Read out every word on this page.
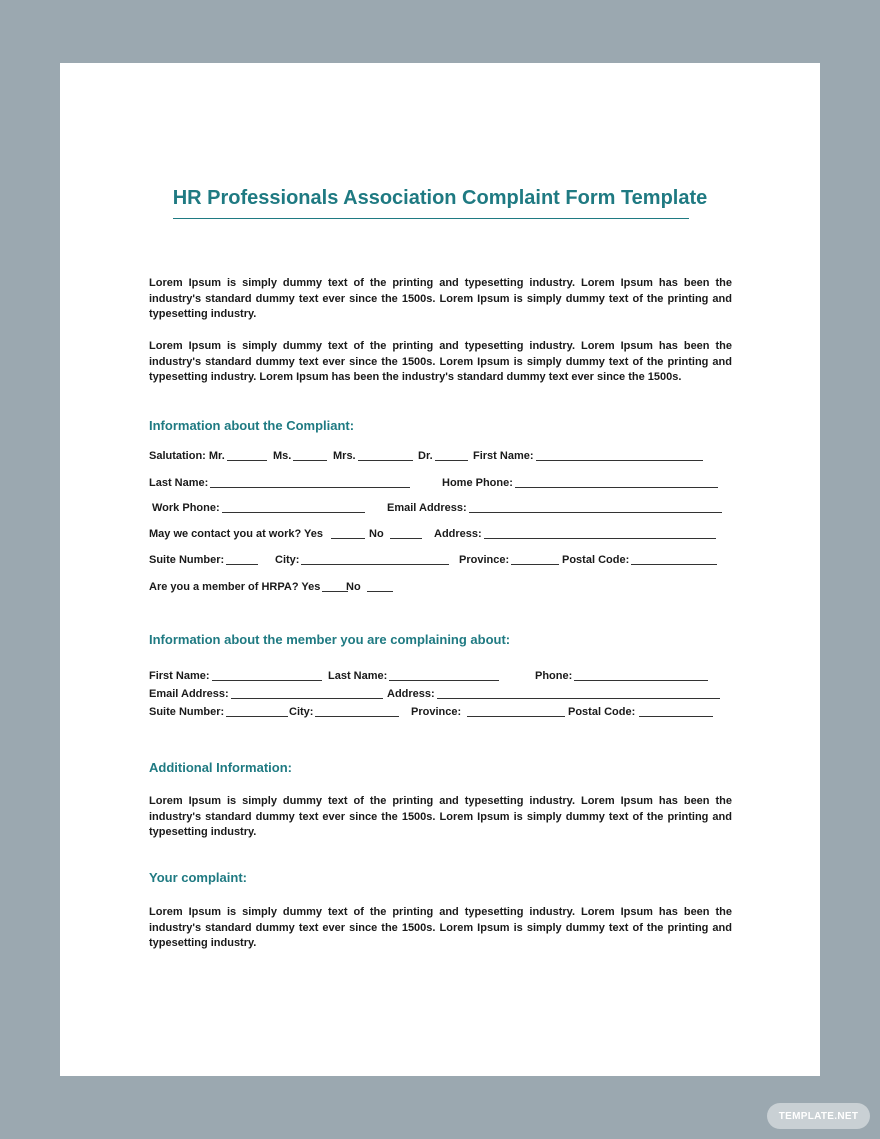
HR Professionals Association Complaint Form Template
Lorem Ipsum is simply dummy text of the printing and typesetting industry. Lorem Ipsum has been the industry's standard dummy text ever since the 1500s. Lorem Ipsum is simply dummy text of the printing and typesetting industry.
Lorem Ipsum is simply dummy text of the printing and typesetting industry. Lorem Ipsum has been the industry's standard dummy text ever since the 1500s. Lorem Ipsum is simply dummy text of the printing and typesetting industry. Lorem Ipsum has been the industry's standard dummy text ever since the 1500s.
Information about the Compliant:
Salutation: Mr.	Ms.	Mrs.	Dr.	First Name:
Last Name:	Home Phone:
Work Phone:	Email Address:
May we contact you at work? Yes	No	Address:
Suite Number:	City:	Province:	Postal Code:
Are you a member of HRPA? Yes No
Information about the member you are complaining about:
First Name:	Last Name:	Phone:
Email Address:	Address:
Suite Number:	City:	Province:	Postal Code:
Additional Information:
Lorem Ipsum is simply dummy text of the printing and typesetting industry. Lorem Ipsum has been the industry's standard dummy text ever since the 1500s. Lorem Ipsum is simply dummy text of the printing and typesetting industry.
Your complaint:
Lorem Ipsum is simply dummy text of the printing and typesetting industry. Lorem Ipsum has been the industry's standard dummy text ever since the 1500s. Lorem Ipsum is simply dummy text of the printing and typesetting industry.
TEMPLATE.NET
